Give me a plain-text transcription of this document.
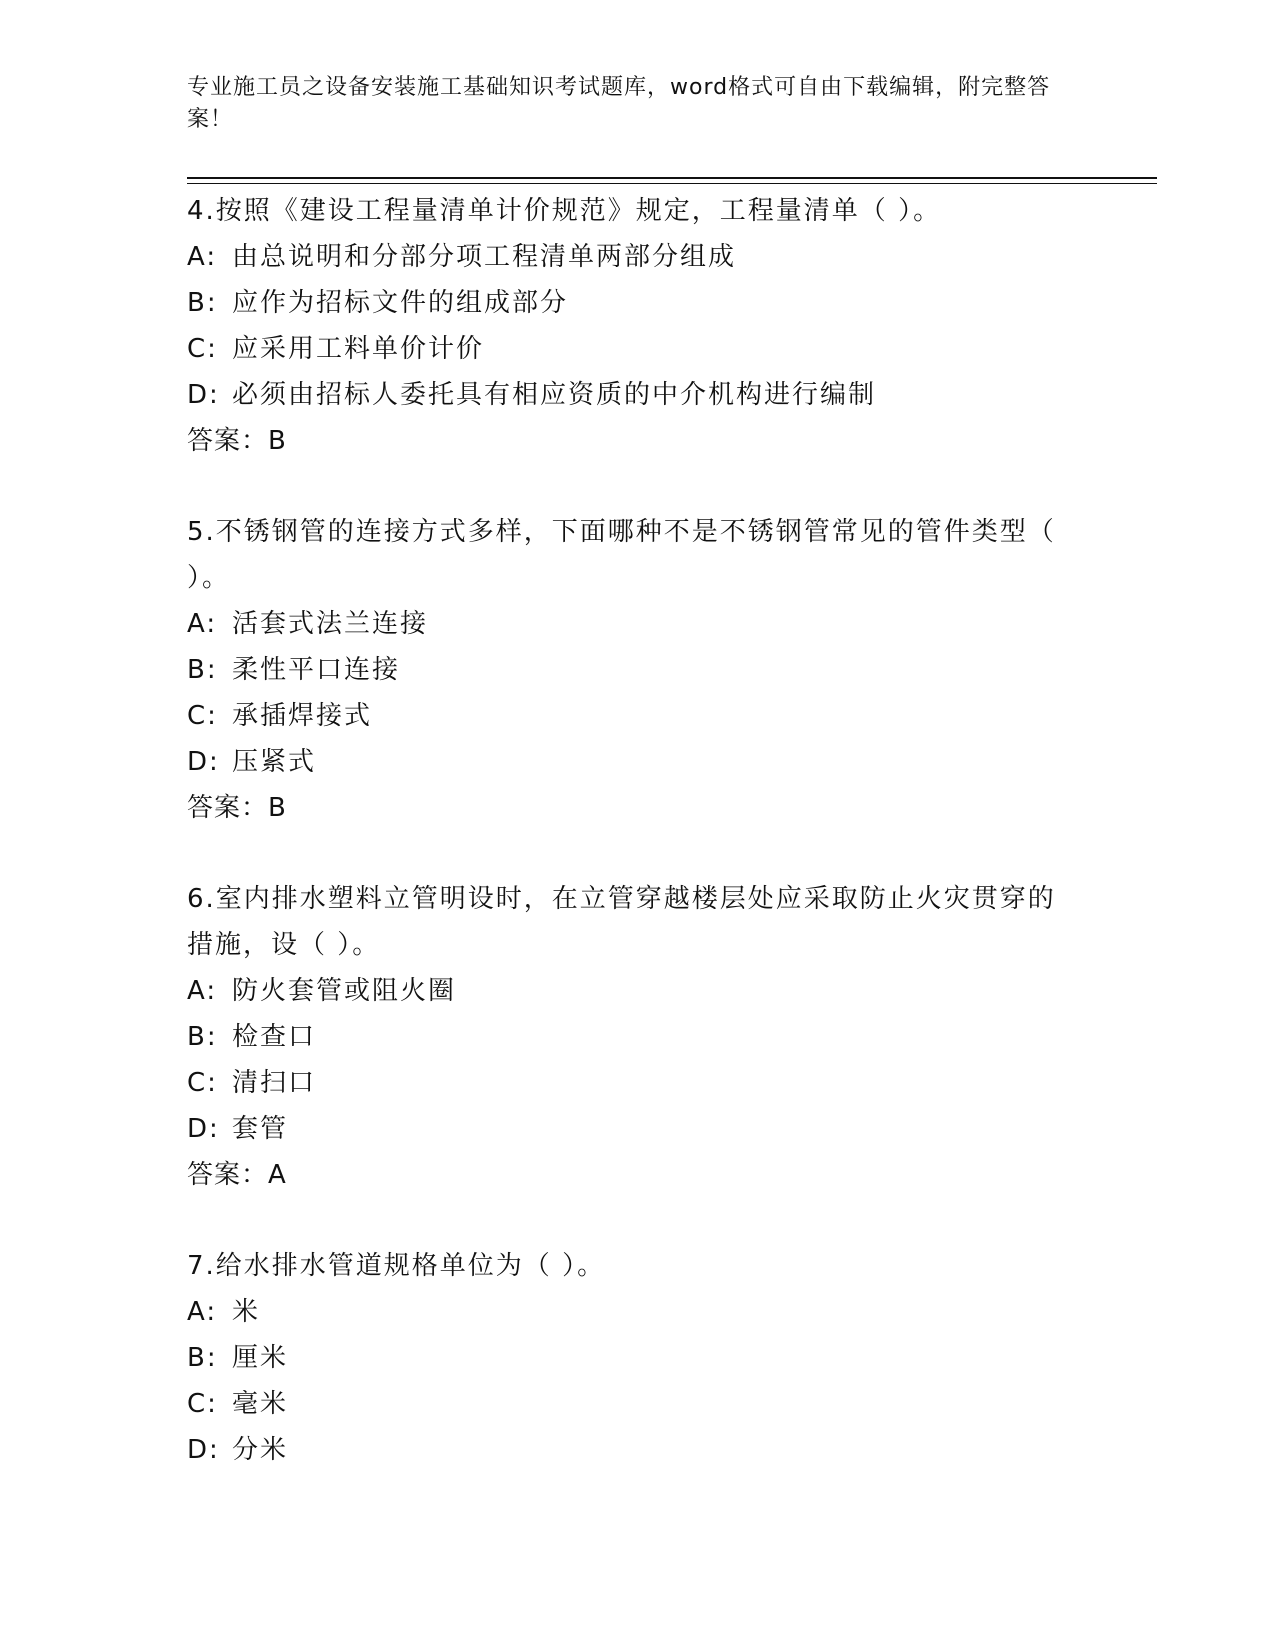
专业施工员之设备安装施工基础知识考试题库，word格式可自由下载编辑，附完整答案！
4.按照《建设工程量清单计价规范》规定，工程量清单（ ）。
A: 由总说明和分部分项工程清单两部分组成
B: 应作为招标文件的组成部分
C: 应采用工料单价计价
D: 必须由招标人委托具有相应资质的中介机构进行编制
答案：B
5.不锈钢管的连接方式多样，下面哪种不是不锈钢管常见的管件类型（ ）。
A: 活套式法兰连接
B: 柔性平口连接
C: 承插焊接式
D: 压紧式
答案：B
6.室内排水塑料立管明设时，在立管穿越楼层处应采取防止火灾贯穿的措施，设（ ）。
A: 防火套管或阻火圈
B: 检查口
C: 清扫口
D: 套管
答案：A
7.给水排水管道规格单位为（ ）。
A: 米
B: 厘米
C: 毫米
D: 分米
